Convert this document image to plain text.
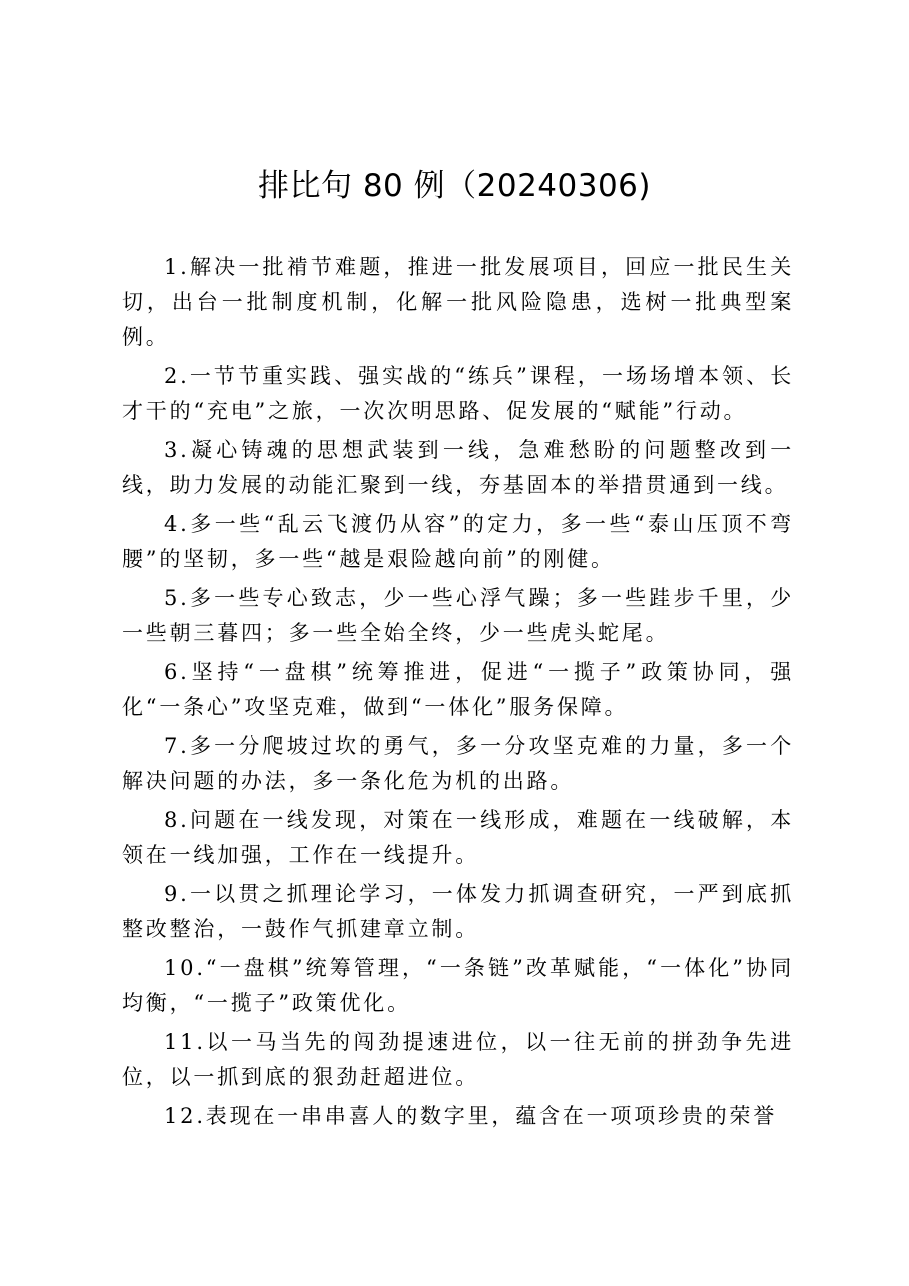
排比句 80 例（20240306)

1.解决一批褃节难题，推进一批发展项目，回应一批民生关切，出台一批制度机制，化解一批风险隐患，选树一批典型案例。

2.一节节重实践、强实战的“练兵”课程，一场场增本领、长才干的“充电”之旅，一次次明思路、促发展的“赋能”行动。

3.凝心铸魂的思想武装到一线，急难愁盼的问题整改到一线，助力发展的动能汇聚到一线，夯基固本的举措贯通到一线。

4.多一些“乱云飞渡仍从容”的定力，多一些“泰山压顶不弯腰”的坚韧，多一些“越是艰险越向前”的刚健。

5.多一些专心致志，少一些心浮气躁；多一些跬步千里，少一些朝三暮四；多一些全始全终，少一些虎头蛇尾。

6.坚持“一盘棋”统筹推进，促进“一揽子”政策协同，强化“一条心”攻坚克难，做到“一体化”服务保障。

7.多一分爬坡过坎的勇气，多一分攻坚克难的力量，多一个解决问题的办法，多一条化危为机的出路。

8.问题在一线发现，对策在一线形成，难题在一线破解，本领在一线加强，工作在一线提升。

9.一以贯之抓理论学习，一体发力抓调查研究，一严到底抓整改整治，一鼓作气抓建章立制。

10.“一盘棋”统筹管理，“一条链”改革赋能，“一体化”协同均衡，“一揽子”政策优化。

11.以一马当先的闯劲提速进位，以一往无前的拼劲争先进位，以一抓到底的狠劲赶超进位。

12.表现在一串串喜人的数字里，蕴含在一项项珍贵的荣誉
